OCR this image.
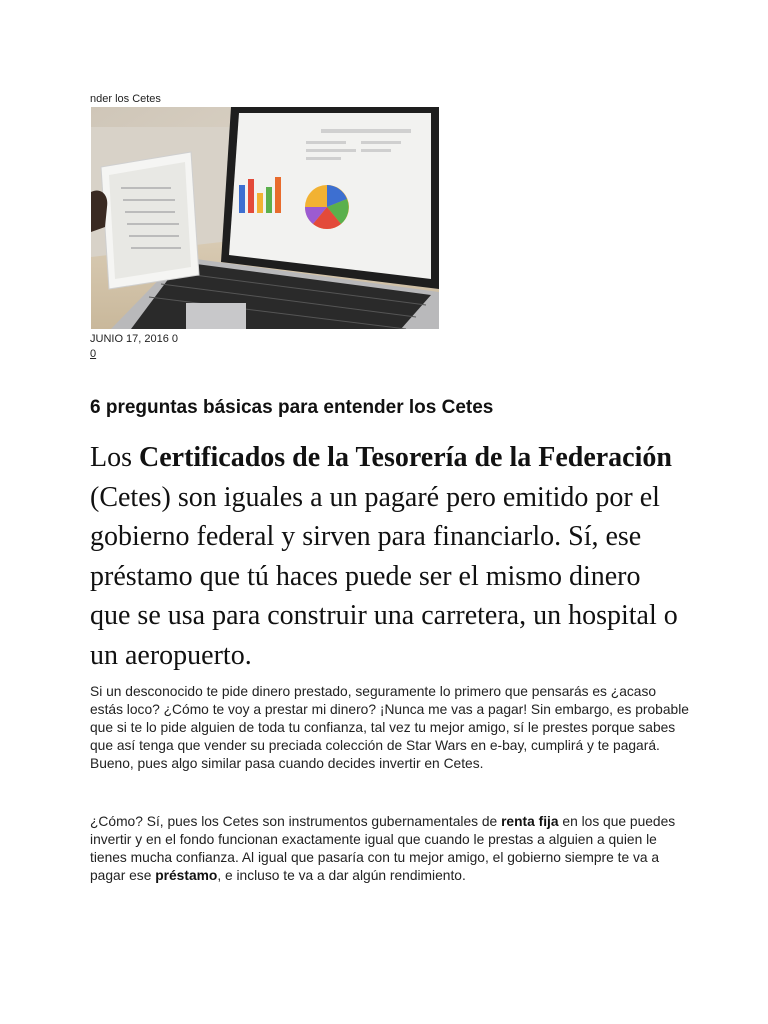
nder los Cetes
JUNIO 17, 2016 0
0
6 preguntas básicas para entender los Cetes

Los Certificados de la Tesorería de la Federación (Cetes) son iguales a un pagaré pero emitido por el gobierno federal y sirven para financiarlo. Sí, ese préstamo que tú haces puede ser el mismo dinero que se usa para construir una carretera, un hospital o un aeropuerto.

Si un desconocido te pide dinero prestado, seguramente lo primero que pensarás es ¿acaso estás loco? ¿Cómo te voy a prestar mi dinero? ¡Nunca me vas a pagar! Sin embargo, es probable que si te lo pide alguien de toda tu confianza, tal vez tu mejor amigo, sí le prestes porque sabes que así tenga que vender su preciada colección de Star Wars en e-bay, cumplirá y te pagará. Bueno, pues algo similar pasa cuando decides invertir en Cetes.

¿Cómo? Sí, pues los Cetes son instrumentos gubernamentales de renta fija en los que puedes invertir y en el fondo funcionan exactamente igual que cuando le prestas a alguien a quien le tienes mucha confianza. Al igual que pasaría con tu mejor amigo, el gobierno siempre te va a pagar ese préstamo, e incluso te va a dar algún rendimiento.
